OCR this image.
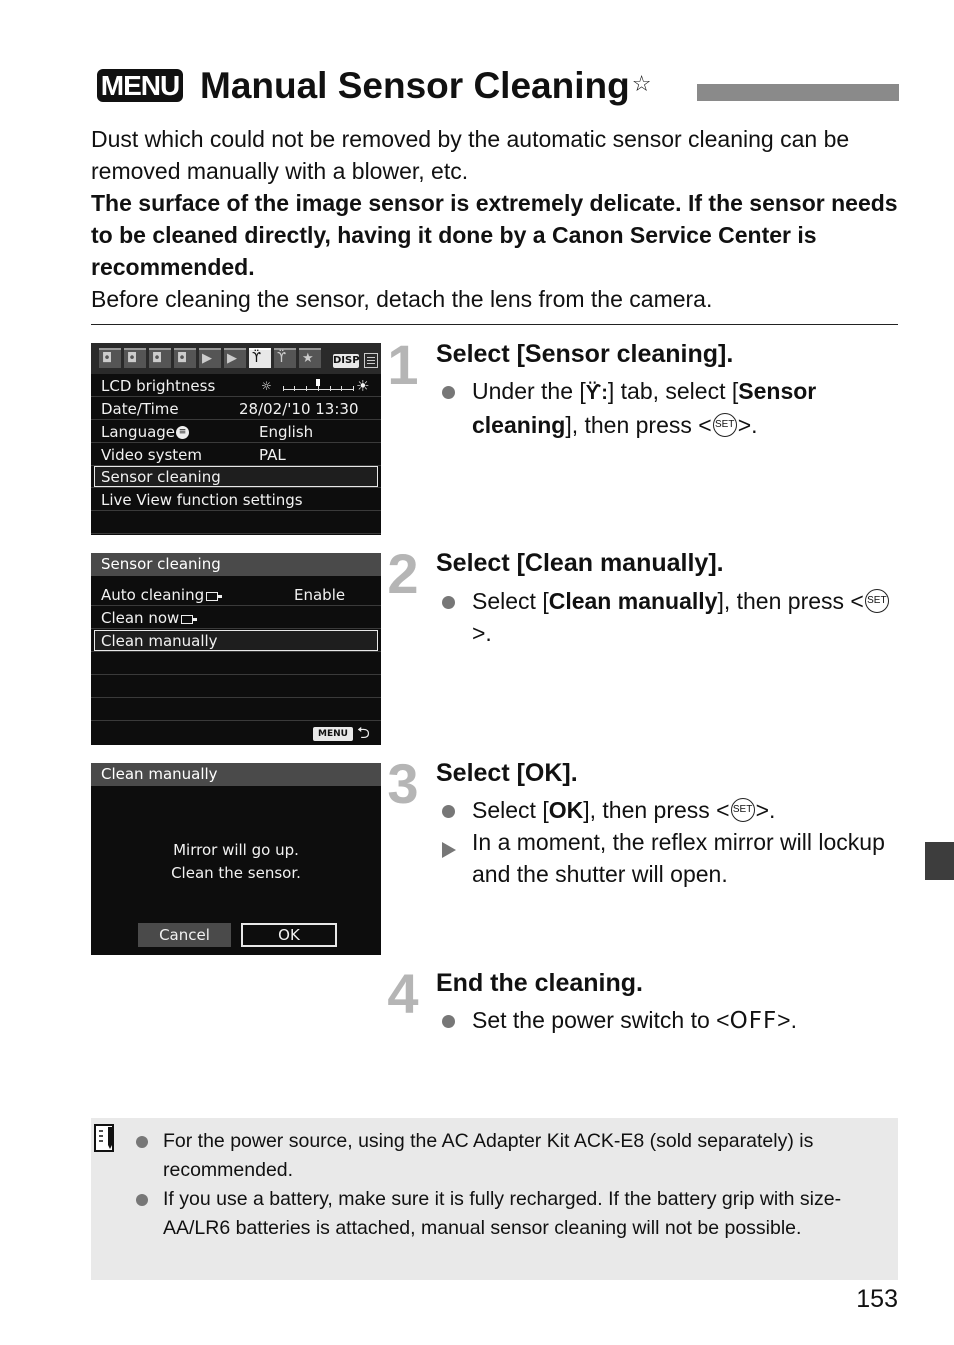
MENU Manual Sensor Cleaning☆

Dust which could not be removed by the automatic sensor cleaning can be removed manually with a blower, etc.

The surface of the image sensor is extremely delicate. If the sensor needs to be cleaned directly, having it done by a Canon Service Center is recommended.

Before cleaning the sensor, detach the lens from the camera.

◘ ◘ ◘ ◘ ▶ ▶ ϔ ϔ ★ DISP
LCD brightness	☼	☀
Date/Time	28/02/'10 13:30
Language ≡	English
Video system	PAL
Sensor cleaning
Live View function settings
Sensor cleaning
Auto cleaning	Enable
Clean now
Clean manually
MENU ⮌
Clean manually
Mirror will go up.
Clean the sensor.
Cancel	OK
1 Select [Sensor cleaning].
Under the [ϔ:] tab, select [Sensor cleaning], then press < SET >.
2 Select [Clean manually].
Select [Clean manually], then press < SET>.
3 Select [OK].
Select [OK], then press < SET >.
In a moment, the reflex mirror will lockup and the shutter will open.
4 End the cleaning.
Set the power switch to <OFF>.
For the power source, using the AC Adapter Kit ACK-E8 (sold separately) is recommended.
If you use a battery, make sure it is fully recharged. If the battery grip with size-AA/LR6 batteries is attached, manual sensor cleaning will not be possible.
153
